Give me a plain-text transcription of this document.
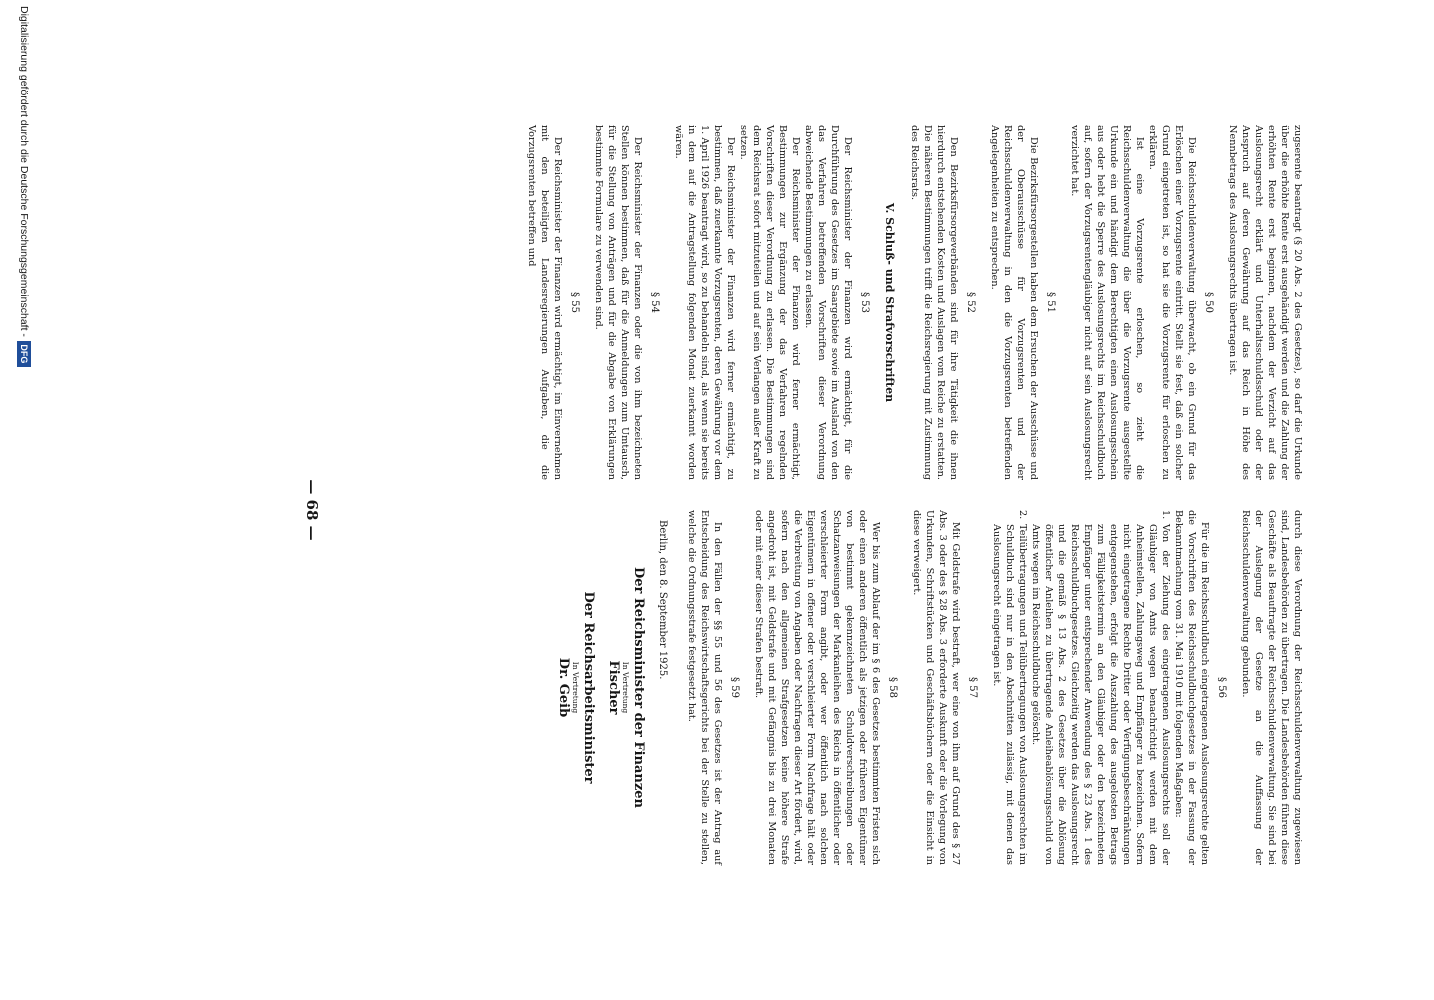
— 68 —

zugserente beantragt (§ 20 Abs. 2 des Gesetzes), so darf die Urkunde über die erhöhte Rente erst ausgehändigt werden und die Zahlung der erhöhten Rente erst beginnen, nachdem der Verzicht auf das Auslosungsrecht erklärt und Unterhaltsschuldsschuld oder der Anspruch auf deren Gewährung auf das Reich in Höhe des Nennbetrags des Auslosungsrechts übertragen ist.

§ 50

Die Reichsschuldenverwaltung überwacht, ob ein Grund für das Erlöschen einer Vorzugsrente eintritt. Stellt sie fest, daß ein solcher Grund eingetreten ist, so hat sie die Vorzugsrente für erloschen zu erklären.

Ist eine Vorzugsrente erloschen, so zieht die Reichsschuldenverwaltung die über die Vorzugsrente ausgestellte Urkunde ein und händigt dem Berechtigten einen Auslosungsschein aus oder hebt die Sperre des Auslosungsrechts im Reichsschuldbuch auf, sofern der Vorzugsrentengläubiger nicht auf sein Auslosungsrecht verzichtet hat.

§ 51

Die Bezirksfürsorgestellen haben dem Ersuchen der Ausschüsse und der Oberausschüsse für Vorzugsrenten und der Reichsschuldenverwaltung in den die Vorzugsrenten betreffenden Angelegenheiten zu entsprechen.

§ 52

Den Bezirksfürsorgeverbänden sind für ihre Tätigkeit die ihnen hierdurch entstehenden Kosten und Auslagen vom Reiche zu erstatten. Die näheren Bestimmungen trifft die Reichsregierung mit Zustimmung des Reichsrats.

V. Schluß- und Strafvorschriften
§ 53

Der Reichsminister der Finanzen wird ermächtigt, für die Durchführung des Gesetzes im Saargebiete sowie im Ausland von den das Verfahren betreffenden Vorschriften dieser Verordnung abweichende Bestimmungen zu erlassen.

Der Reichsminister der Finanzen wird ferner ermächtigt, Bestimmungen zur Ergänzung der das Verfahren regelnden Vorschriften dieser Verordnung zu erlassen. Die Bestimmungen sind dem Reichsrat sofort mitzuteilen und auf sein Verlangen außer Kraft zu setzen.

Der Reichsminister der Finanzen wird ferner ermächtigt, zu bestimmen, daß zuerkannte Vorzugsrenten, deren Gewährung vor dem 1. April 1926 beantragt wird, so zu behandeln sind, als wenn sie bereits in dem auf die Antragstellung folgenden Monat zuerkannt worden wären.

§ 54

Der Reichsminister der Finanzen oder die von ihm bezeichneten Stellen können bestimmen, daß für die Anmeldungen zum Umtausch, für die Stellung von Anträgen und für die Abgabe von Erklärungen bestimmte Formulare zu verwenden sind.

§ 55

Der Reichsminister der Finanzen wird ermächtigt, im Einvernehmen mit den beteiligten Landesregierungen Aufgaben, die die Vorzugsrenten betreffen und

durch diese Verordnung der Reichsschuldenverwaltung zugewiesen sind, Landesbehörden zu übertragen. Die Landesbehörden führen diese Geschäfte als Beauftragte der Reichsschuldenverwaltung. Sie sind bei der Auslegung der Gesetze an die Auffassung der Reichsschuldenverwaltung gebunden.

§ 56

Für die im Reichsschuldbuch eingetragenen Auslosungsrechte gelten die Vorschriften des Reichsschuldbuchgesetzes in der Fassung der Bekanntmachung vom 31. Mai 1910 mit folgenden Maßgaben:

1.
Von der Ziehung des eingetragenen Auslosungsrechts soll der Gläubiger von Amts wegen benachrichtigt werden mit dem Anheimstellen, Zahlungsweg und Empfänger zu bezeichnen. Sofern nicht eingetragene Rechte Dritter oder Verfügungsbeschränkungen entgegenstehen, erfolgt die Auszahlung des ausgelosten Betrags zum Fälligkeitstermin an den Gläubiger oder den bezeichneten Empfänger unter entsprechender Anwendung des § 23 Abs. 1 des Reichsschuldbuchgesetzes. Gleichzeitig werden das Auslosungsrecht und die gemäß § 13 Abs. 2 des Gesetzes über die Ablösung öffentlicher Anleihen zu übertragende Anleiheablösungsschuld von Amts wegen im Reichsschuldbuche gelöscht.
2.
Teilübertragungen und Teilübertragungen von Auslosungsrechten im Schuldbuch sind nur in den Abschnitten zulässig, mit denen das Auslosungsrecht eingetragen ist.
§ 57

Mit Geldstrafe wird bestraft, wer eine von ihm auf Grund des § 27 Abs. 3 oder des § 28 Abs. 3 erforderte Auskunft oder die Vorlegung von Urkunden, Schriftstücken und Geschäftsbüchern oder die Einsicht in diese verweigert.

§ 58

Wer bis zum Ablauf der im § 6 des Gesetzes bestimmten Fristen sich oder einen anderen öffentlich als jetzigen oder früheren Eigentümer von bestimmt gekennzeichneten Schuldverschreibungen oder Schatzanweisungen der Markanleihen des Reichs in öffentlicher oder verschleierter Form angibt, oder wer öffentlich nach solchen Eigentümern in offener oder verschleierter Form Nachfrage hält oder die Verbreitung von Angaben oder Nachfragen dieser Art fördert, wird, sofern nach den allgemeinen Strafgesetzen keine höhere Strafe angedroht ist, mit Geldstrafe und mit Gefängnis bis zu drei Monaten oder mit einer dieser Strafen bestraft.

§ 59

In den Fällen der §§ 55 und 56 des Gesetzes ist der Antrag auf Entscheidung des Reichswirtschaftsgerichts bei der Stelle zu stellen, welche die Ordnungsstrafe festgesetzt hat.

Berlin, den 8. September 1925.
Der Reichsminister der Finanzen
In Vertretung
Fischer
Der Reichsarbeitsminister
In Vertretung
Dr. Geib
Digitalisierung gefördert durch die Deutsche Forschungsgemeinschaft -DFG
